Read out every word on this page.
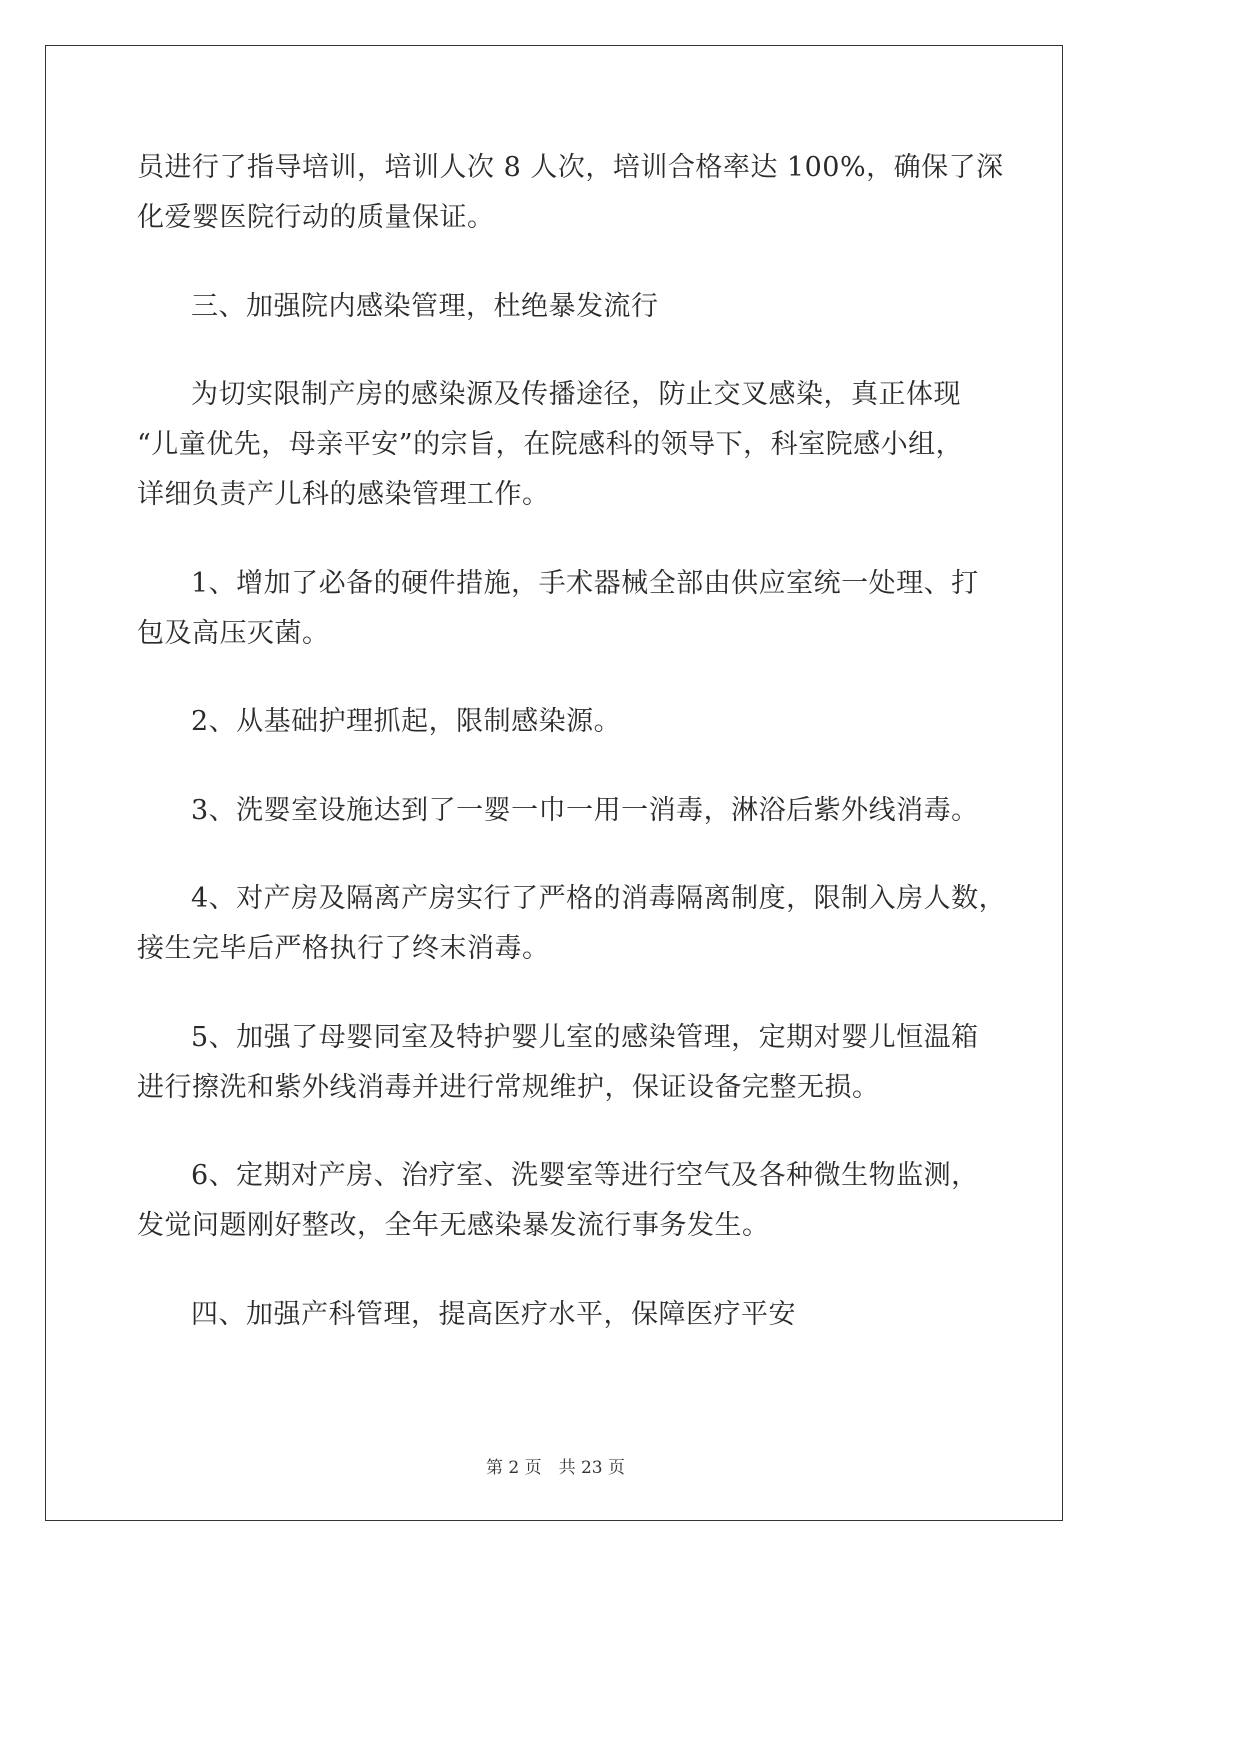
员进行了指导培训，培训人次 8 人次，培训合格率达 100%，确保了深
化爱婴医院行动的质量保证。
三、加强院内感染管理，杜绝暴发流行
为切实限制产房的感染源及传播途径，防止交叉感染，真正体现
“儿童优先，母亲平安”的宗旨，在院感科的领导下，科室院感小组，
详细负责产儿科的感染管理工作。
1、增加了必备的硬件措施，手术器械全部由供应室统一处理、打
包及高压灭菌。
2、从基础护理抓起，限制感染源。
3、洗婴室设施达到了一婴一巾一用一消毒，淋浴后紫外线消毒。
4、对产房及隔离产房实行了严格的消毒隔离制度，限制入房人数，
接生完毕后严格执行了终末消毒。
5、加强了母婴同室及特护婴儿室的感染管理，定期对婴儿恒温箱
进行擦洗和紫外线消毒并进行常规维护，保证设备完整无损。
6、定期对产房、治疗室、洗婴室等进行空气及各种微生物监测，
发觉问题刚好整改，全年无感染暴发流行事务发生。
四、加强产科管理，提高医疗水平，保障医疗平安
第 2 页　共 23 页
